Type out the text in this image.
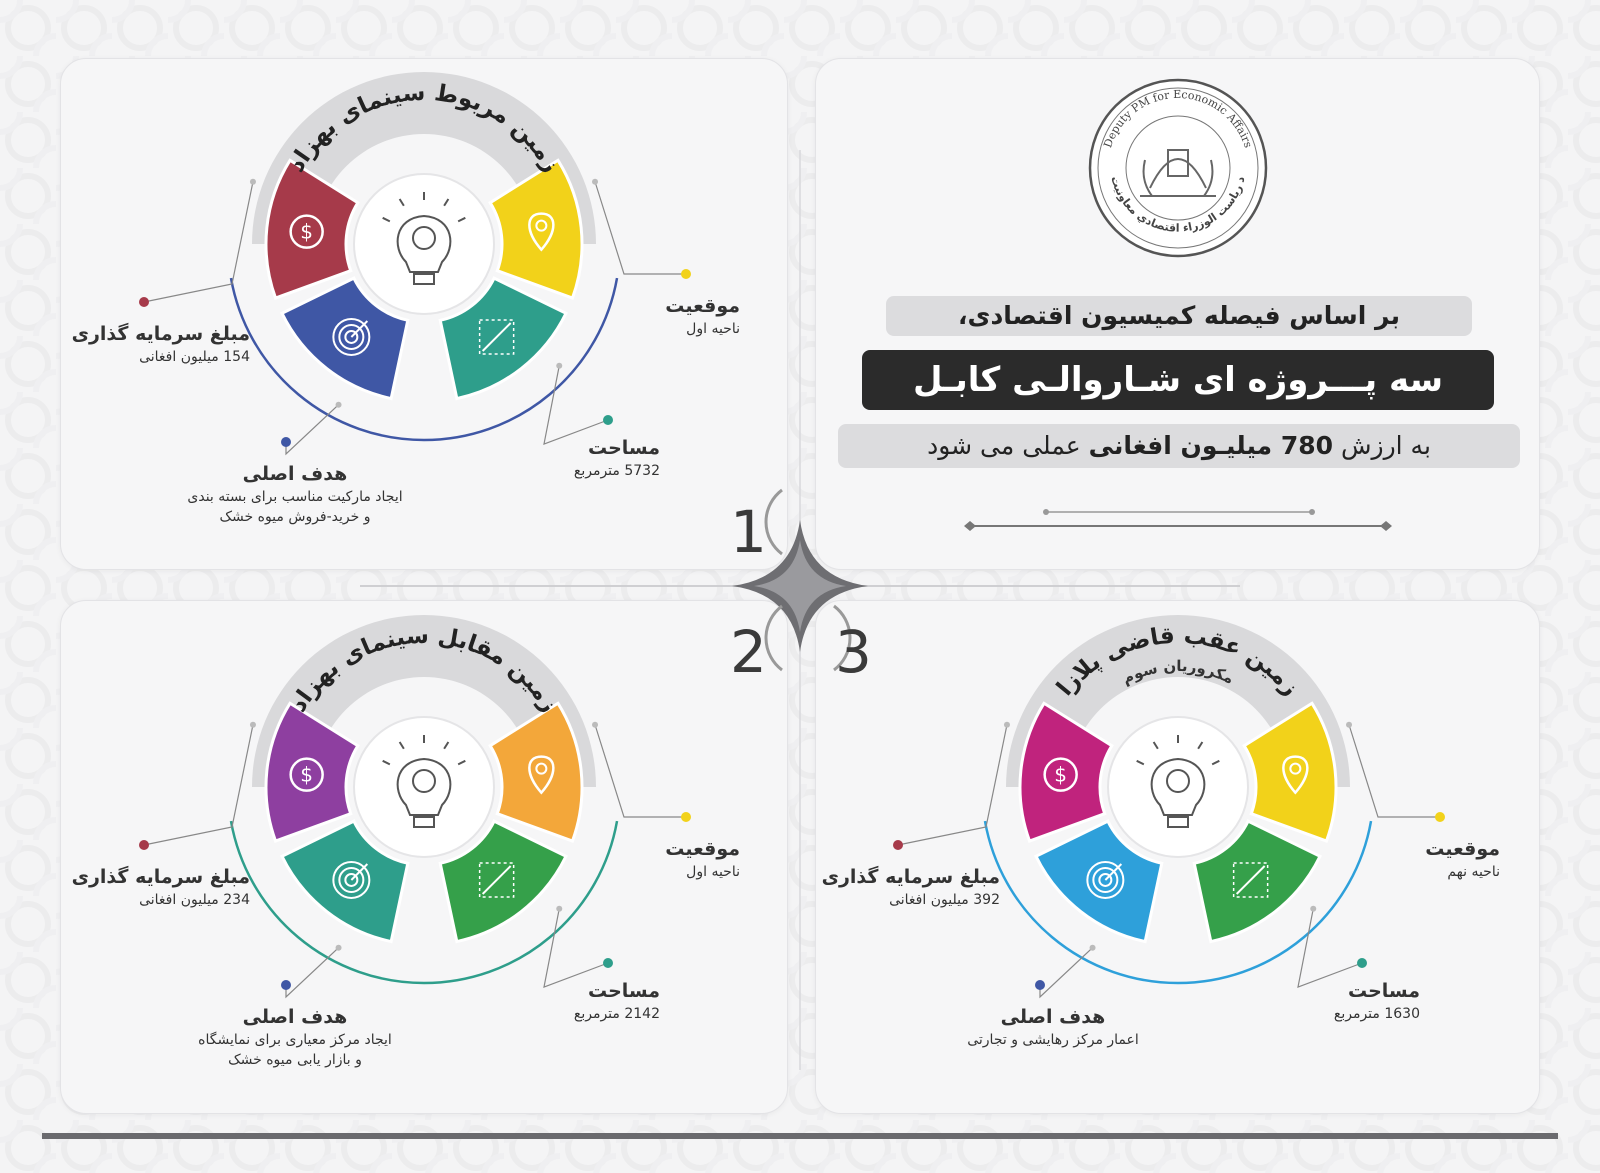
Deputy PM for Economic Affairs
د ریاست الوزراء اقتصادي معاونیت
بر اساس فیصله کمیسیون اقتصادی،
سه پـــروژه ای شـاروالـی کابـل
به ارزش 780 میلیـون افغانی عملی می شود
$
زمین مربوط سینمای بهزاد
$
زمین مقابل سینمای بهزاد
$
زمین عقب قاضی پلازا
مکروریان سوم
1
موقعیت
ناحیه اول
مساحت
5732 مترمربع
هدف اصلی
ایجاد مارکیت مناسب برای بسته بندی
و خرید-فروش میوه خشک
مبلغ سرمایه گذاری
154 میلیون افغانی
2
موقعیت
ناحیه اول
مساحت
2142 مترمربع
هدف اصلی
ایجاد مرکز معیاری برای نمایشگاه
و بازار یابی میوه خشک
مبلغ سرمایه گذاری
234 میلیون افغانی
3
موقعیت
ناحیه نهم
مساحت
1630 مترمربع
هدف اصلی
اعمار مرکز رهایشی و تجارتی
مبلغ سرمایه گذاری
392 میلیون افغانی
